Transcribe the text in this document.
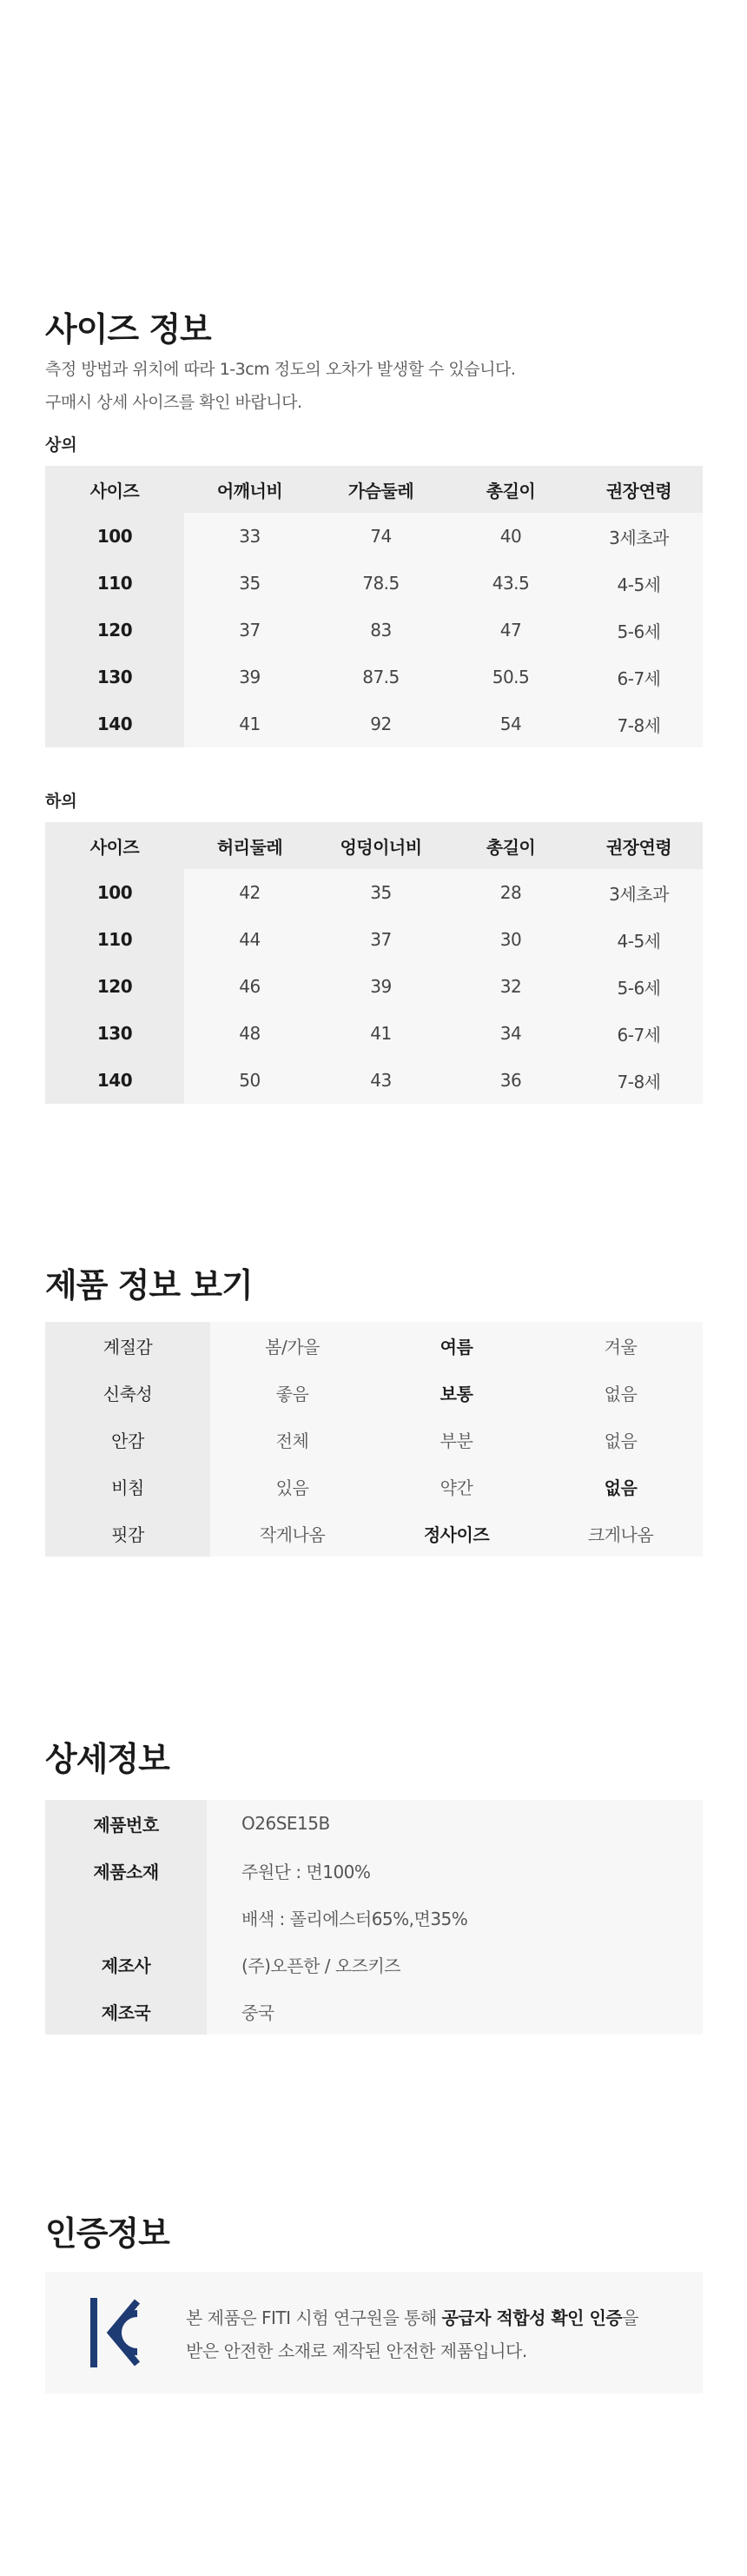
사이즈 정보

측정 방법과 위치에 따라 1-3cm 정도의 오차가 발생할 수 있습니다.

구매시 상세 사이즈를 확인 바랍니다.

상의

사이즈	어깨너비	가슴둘레	총길이	권장연령
100	33	74	40	3세초과
110	35	78.5	43.5	4-5세
120	37	83	47	5-6세
130	39	87.5	50.5	6-7세
140	41	92	54	7-8세

하의

사이즈	허리둘레	엉덩이너비	총길이	권장연령
100	42	35	28	3세초과
110	44	37	30	4-5세
120	46	39	32	5-6세
130	48	41	34	6-7세
140	50	43	36	7-8세
제품 정보 보기
계절감	봄/가을	여름	겨울
신축성	좋음	보통	없음
안감	전체	부분	없음
비침	있음	약간	없음
핏감	작게나옴	정사이즈	크게나옴
상세정보
제품번호	O26SE15B
제품소재	주원단 : 면100%
	배색 : 폴리에스터65%,면35%
제조사	(주)오픈한 / 오즈키즈
제조국	중국
인증정보
본 제품은 FITI 시험 연구원을 통해 공급자 적합성 확인 인증을
받은 안전한 소재로 제작된 안전한 제품입니다.
